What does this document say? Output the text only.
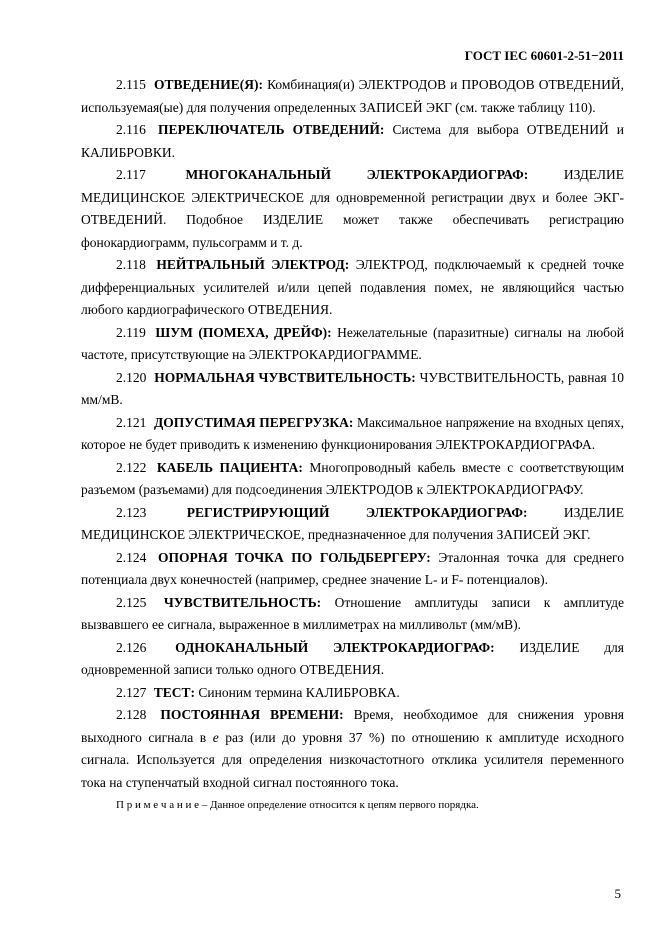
ГОСТ IEC 60601-2-51−2011

2.115 ОТВЕДЕНИЕ(Я): Комбинация(и) ЭЛЕКТРОДОВ и ПРОВОДОВ ОТВЕДЕНИЙ, используемая(ые) для получения определенных ЗАПИСЕЙ ЭКГ (см. также таблицу 110).

2.116 ПЕРЕКЛЮЧАТЕЛЬ ОТВЕДЕНИЙ: Система для выбора ОТВЕДЕНИЙ и КАЛИБРОВКИ.

2.117	МНОГОКАНАЛЬНЫЙ ЭЛЕКТРОКАРДИОГРАФ:	ИЗДЕЛИЕ МЕДИЦИНСКОЕ ЭЛЕКТРИЧЕСКОЕ для одновременной регистрации двух и более ЭКГ-ОТВЕДЕНИЙ. Подобное ИЗДЕЛИЕ может также обеспечивать регистрацию фонокардиограмм, пульсограмм и т. д.

2.118 НЕЙТРАЛЬНЫЙ ЭЛЕКТРОД: ЭЛЕКТРОД, подключаемый к средней точке дифференциальных усилителей и/или цепей подавления помех, не являющийся частью любого кардиографического ОТВЕДЕНИЯ.

2.119 ШУМ (ПОМЕХА, ДРЕЙФ): Нежелательные (паразитные) сигналы на любой частоте, присутствующие на ЭЛЕКТРОКАРДИОГРАММЕ.

2.120 НОРМАЛЬНАЯ ЧУВСТВИТЕЛЬНОСТЬ: ЧУВСТВИТЕЛЬНОСТЬ, равная 10 мм/мВ.

2.121 ДОПУСТИМАЯ ПЕРЕГРУЗКА: Максимальное напряжение на входных цепях, которое не будет приводить к изменению функционирования ЭЛЕКТРОКАРДИОГРАФА.

2.122 КАБЕЛЬ ПАЦИЕНТА: Многопроводный кабель вместе с соответствующим разъемом (разъемами) для подсоединения ЭЛЕКТРОДОВ к ЭЛЕКТРОКАРДИОГРАФУ.

2.123	РЕГИСТРИРУЮЩИЙ ЭЛЕКТРОКАРДИОГРАФ:	ИЗДЕЛИЕ МЕДИЦИНСКОЕ ЭЛЕКТРИЧЕСКОЕ, предназначенное для получения ЗАПИСЕЙ ЭКГ.

2.124 ОПОРНАЯ ТОЧКА ПО ГОЛЬДБЕРГЕРУ: Эталонная точка для среднего потенциала двух конечностей (например, среднее значение L- и F- потенциалов).

2.125 ЧУВСТВИТЕЛЬНОСТЬ: Отношение амплитуды записи к амплитуде вызвавшего ее сигнала, выраженное в миллиметрах на милливольт (мм/мВ).

2.126 ОДНОКАНАЛЬНЫЙ ЭЛЕКТРОКАРДИОГРАФ: ИЗДЕЛИЕ для одновременной записи только одного ОТВЕДЕНИЯ.

2.127 ТЕСТ: Синоним термина КАЛИБРОВКА.

2.128 ПОСТОЯННАЯ ВРЕМЕНИ: Время, необходимое для снижения уровня выходного сигнала в e раз (или до уровня 37 %) по отношению к амплитуде исходного сигнала. Используется для определения низкочастотного отклика усилителя переменного тока на ступенчатый входной сигнал постоянного тока.

П р и м е ч а н и е – Данное определение относится к цепям первого порядка.

5
